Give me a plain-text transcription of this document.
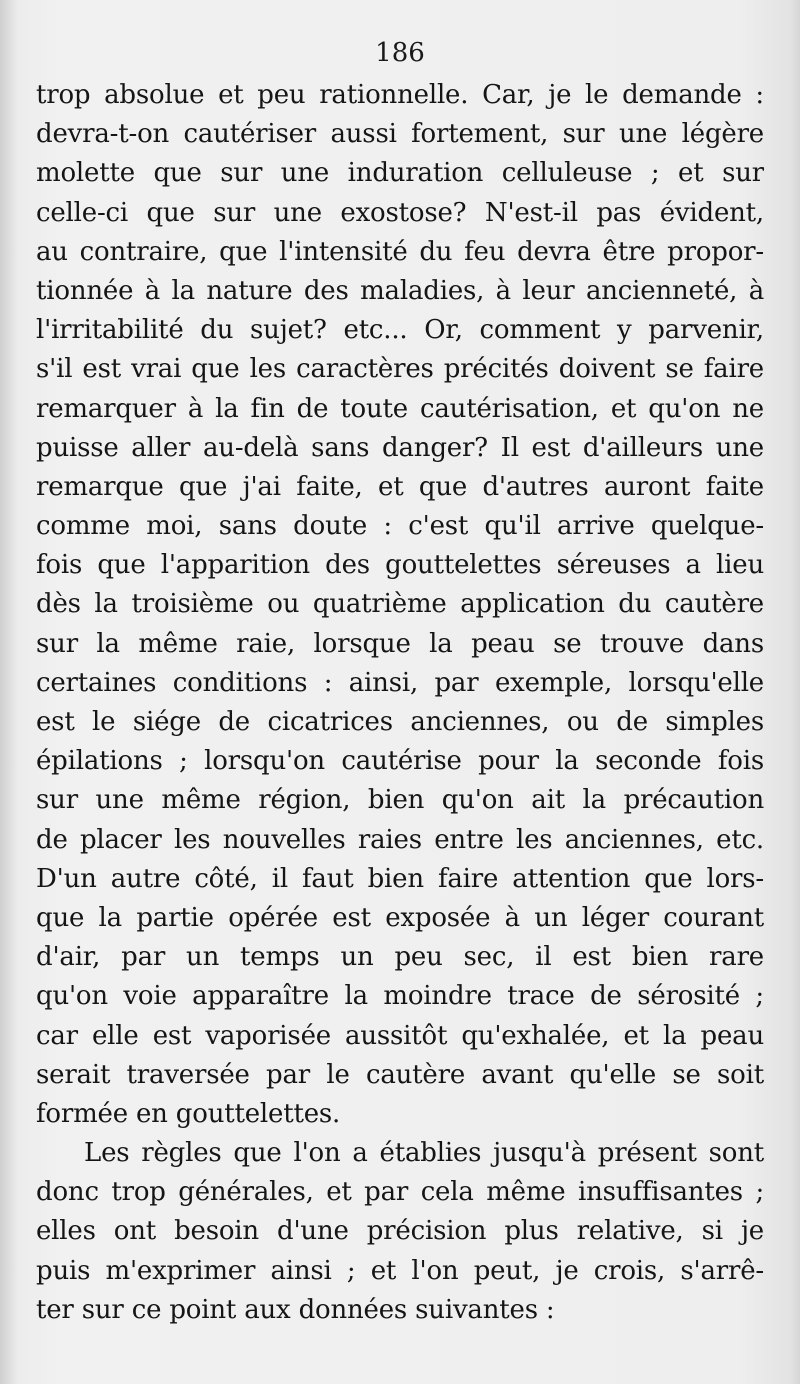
186
trop absolue et peu rationnelle. Car, je le demande :
devra-t-on cautériser aussi fortement, sur une légère
molette que sur une induration celluleuse ; et sur
celle-ci que sur une exostose? N'est-il pas évident,
au contraire, que l'intensité du feu devra être propor-
tionnée à la nature des maladies, à leur ancienneté, à
l'irritabilité du sujet? etc... Or, comment y parvenir,
s'il est vrai que les caractères précités doivent se faire
remarquer à la fin de toute cautérisation, et qu'on ne
puisse aller au-delà sans danger? Il est d'ailleurs une
remarque que j'ai faite, et que d'autres auront faite
comme moi, sans doute : c'est qu'il arrive quelque-
fois que l'apparition des gouttelettes séreuses a lieu
dès la troisième ou quatrième application du cautère
sur la même raie, lorsque la peau se trouve dans
certaines conditions : ainsi, par exemple, lorsqu'elle
est le siége de cicatrices anciennes, ou de simples
épilations ; lorsqu'on cautérise pour la seconde fois
sur une même région, bien qu'on ait la précaution
de placer les nouvelles raies entre les anciennes, etc.
D'un autre côté, il faut bien faire attention que lors-
que la partie opérée est exposée à un léger courant
d'air, par un temps un peu sec, il est bien rare
qu'on voie apparaître la moindre trace de sérosité ;
car elle est vaporisée aussitôt qu'exhalée, et la peau
serait traversée par le cautère avant qu'elle se soit
formée en gouttelettes.
Les règles que l'on a établies jusqu'à présent sont
donc trop générales, et par cela même insuffisantes ;
elles ont besoin d'une précision plus relative, si je
puis m'exprimer ainsi ; et l'on peut, je crois, s'arrê-
ter sur ce point aux données suivantes :
